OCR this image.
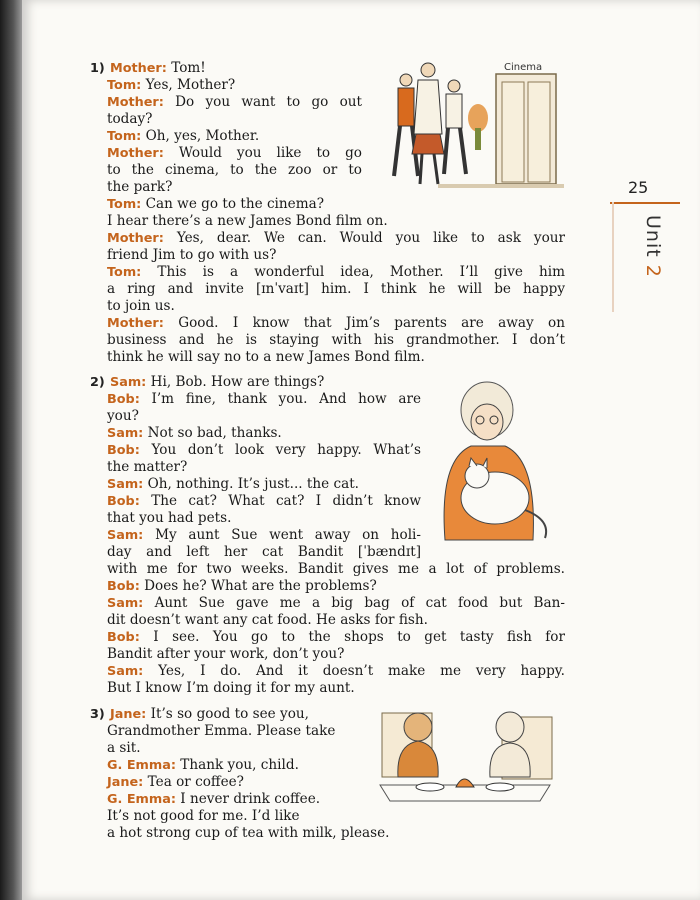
25
Unit 2
Cinema
1) Mother: Tom!
Tom: Yes, Mother?
Mother: Do you want to go out
today?
Tom: Oh, yes, Mother.
Mother: Would you like to go
to the cinema, to the zoo or to
the park?
Tom: Can we go to the cinema?
I hear there’s a new James Bond film on.
Mother: Yes, dear. We can. Would you like to ask your
friend Jim to go with us?
Tom: This is a wonderful idea, Mother. I’ll give him
a ring and invite [ɪnˈvaɪt] him. I think he will be happy
to join us.
Mother: Good. I know that Jim’s parents are away on
business and he is staying with his grandmother. I don’t
think he will say no to a new James Bond film.
2) Sam: Hi, Bob. How are things?
Bob: I’m fine, thank you. And how are
you?
Sam: Not so bad, thanks.
Bob: You don’t look very happy. What’s
the matter?
Sam: Oh, nothing. It’s just... the cat.
Bob: The cat? What cat? I didn’t know
that you had pets.
Sam: My aunt Sue went away on holi-
day and left her cat Bandit [ˈbændɪt]
with me for two weeks. Bandit gives me a lot of problems.
Bob: Does he? What are the problems?
Sam: Aunt Sue gave me a big bag of cat food but Ban-
dit doesn’t want any cat food. He asks for fish.
Bob: I see. You go to the shops to get tasty fish for
Bandit after your work, don’t you?
Sam: Yes, I do. And it doesn’t make me very happy.
But I know I’m doing it for my aunt.
3) Jane: It’s so good to see you,
Grandmother Emma. Please take
a sit.
G. Emma: Thank you, child.
Jane: Tea or coffee?
G. Emma: I never drink coffee.
It’s not good for me. I’d like
a hot strong cup of tea with milk, please.
